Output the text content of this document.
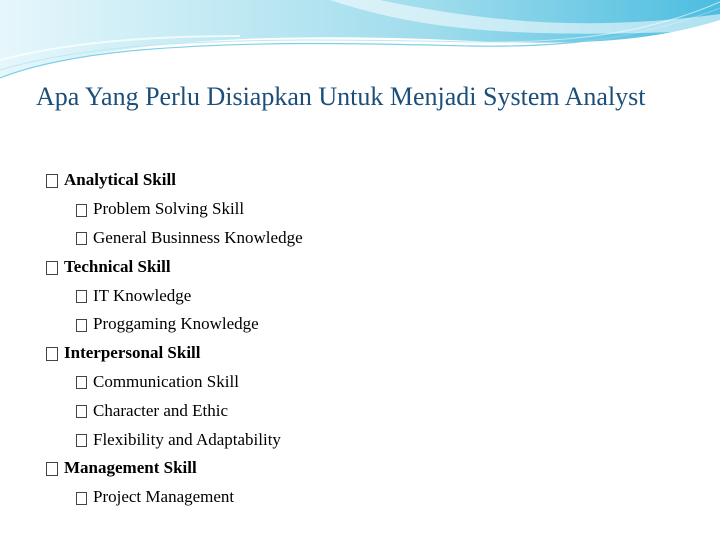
Apa Yang Perlu Disiapkan Untuk Menjadi System Analyst
Analytical Skill
Problem Solving Skill
General Businness Knowledge
Technical Skill
IT Knowledge
Proggaming Knowledge
Interpersonal Skill
Communication Skill
Character and Ethic
Flexibility and Adaptability
Management Skill
Project Management
